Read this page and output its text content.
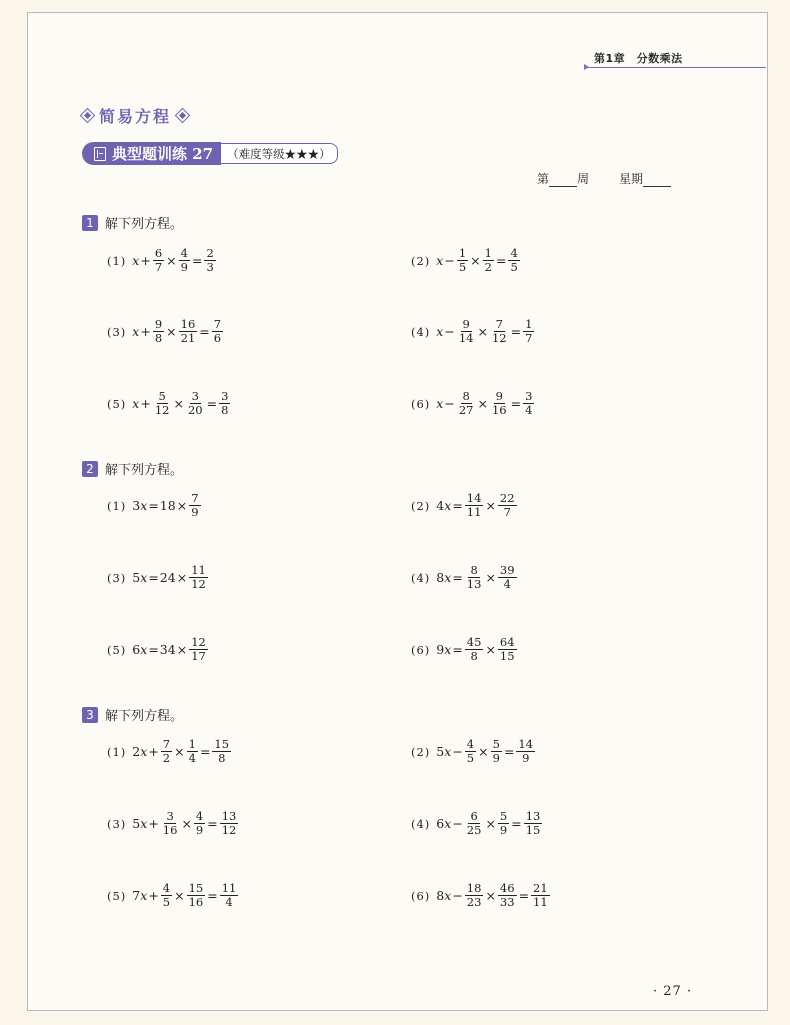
第1章　分数乘法
简易方程
典型题训练 27	（难度等级★★★）
第 周	星期
1 解下列方程。
2 解下列方程。
3 解下列方程。
(1) $x + \frac{6}{7} \times \frac{4}{9} = \frac{2}{3}$	(2) $x - \frac{1}{5} \times \frac{1}{2} = \frac{4}{5}$
(3) $x + \frac{9}{8} \times \frac{16}{21} = \frac{7}{6}$	(4) $x - \frac{9}{14} \times \frac{7}{12} = \frac{1}{7}$
(5) $x + \frac{5}{12} \times \frac{3}{20} = \frac{3}{8}$	(6) $x - \frac{8}{27} \times \frac{9}{16} = \frac{3}{4}$
(1) 3 $x = 18 \times \frac{7}{9}$	(2) 4 $x = \frac{14}{11} \times \frac{22}{7}$
(3) 5 $x = 24 \times \frac{11}{12}$	(4) 8 $x = \frac{8}{13} \times \frac{39}{4}$
(5) 6 $x = 34 \times \frac{12}{17}$	(6) 9 $x = \frac{45}{8} \times \frac{64}{15}$
(1) 2 $x + \frac{7}{2} \times \frac{1}{4} = \frac{15}{8}$	(2) 5 $x - \frac{4}{5} \times \frac{5}{9} = \frac{14}{9}$
(3) 5 $x + \frac{3}{16} \times \frac{4}{9} = \frac{13}{12}$	(4) 6 $x - \frac{6}{25} \times \frac{5}{9} = \frac{13}{15}$
(5) 7 $x + \frac{4}{5} \times \frac{15}{16} = \frac{11}{4}$	(6) 8 $x - \frac{18}{23} \times \frac{46}{33} = \frac{21}{11}$
· 27 ·
